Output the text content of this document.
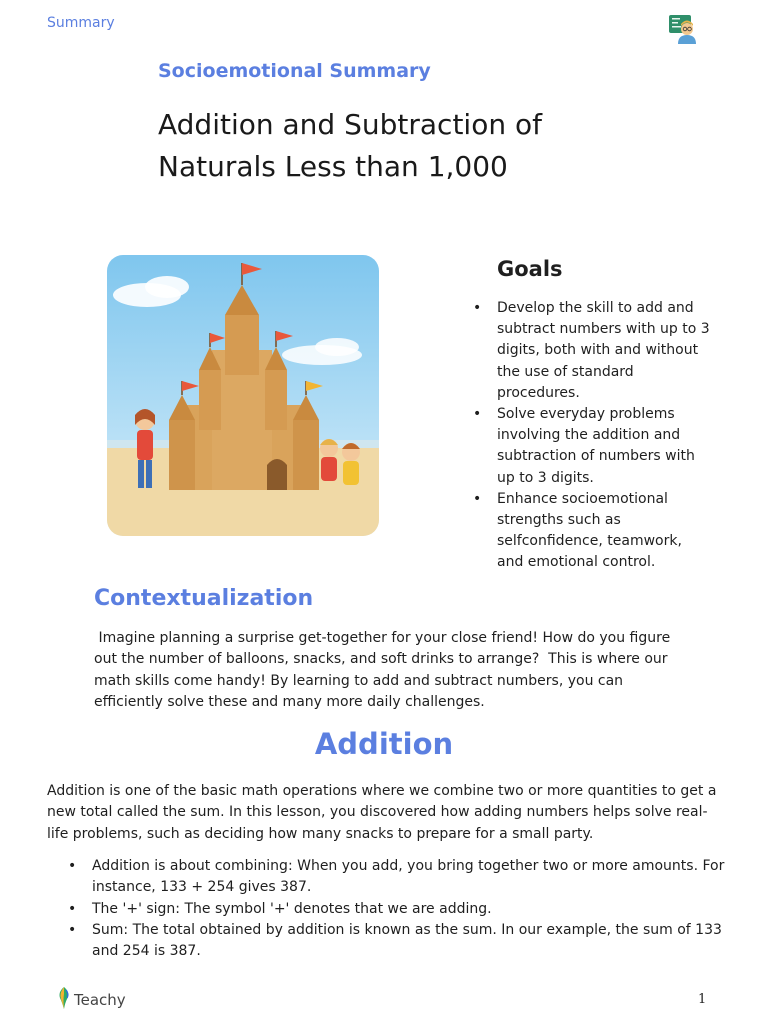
Summary
Socioemotional Summary
Addition and Subtraction of Naturals Less than 1,000
Goals
• Develop the skill to add and subtract numbers with up to 3 digits, both with and without the use of standard procedures.
• Solve everyday problems involving the addition and subtraction of numbers with up to 3 digits.
• Enhance socioemotional strengths such as selfconfidence, teamwork, and emotional control.
Contextualization

Imagine planning a surprise get-together for your close friend! How do you figure out the number of balloons, snacks, and soft drinks to arrange?  This is where our math skills come handy! By learning to add and subtract numbers, you can efficiently solve these and many more daily challenges.

Addition

Addition is one of the basic math operations where we combine two or more quantities to get a new total called the sum. In this lesson, you discovered how adding numbers helps solve real-life problems, such as deciding how many snacks to prepare for a small party.

• Addition is about combining: When you add, you bring together two or more amounts. For instance, 133 + 254 gives 387.
• The '+' sign: The symbol '+' denotes that we are adding.
• Sum: The total obtained by addition is known as the sum. In our example, the sum of 133 and 254 is 387.
Teachy	1
